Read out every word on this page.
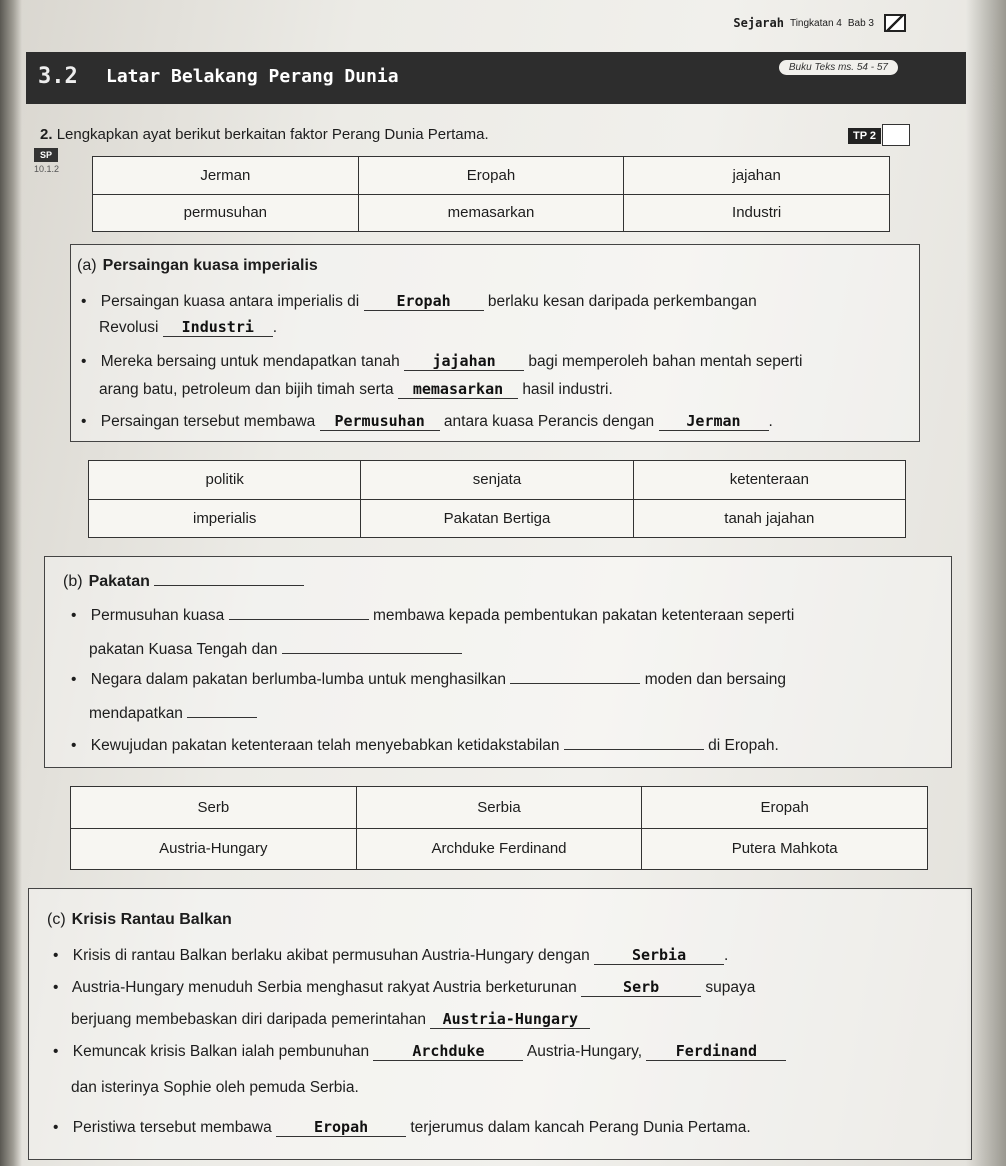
Sejarah Tingkatan 4 Bab 3
3.2 Latar Belakang Perang Dunia	Buku Teks ms. 54 - 57
2. Lengkapkan ayat berikut berkaitan faktor Perang Dunia Pertama.	TP 2
SP
10.1.2	Jerman	Eropah	jajahan
permusuhan	memasarkan	Industri
(a) Persaingan kuasa imperialis
• Persaingan kuasa antara imperialis di Eropah berlaku kesan daripada perkembangan
Revolusi Industri .
• Mereka bersaing untuk mendapatkan tanah jajahan bagi memperoleh bahan mentah seperti
arang batu, petroleum dan bijih timah serta memasarkan hasil industri.
• Persaingan tersebut membawa Permusuhan antara kuasa Perancis dengan Jerman .
politik	senjata	ketenteraan
imperialis	Pakatan Bertiga	tanah jajahan
(b) Pakatan
• Permusuhan kuasa	membawa kepada pembentukan pakatan ketenteraan seperti
pakatan Kuasa Tengah dan
• Negara dalam pakatan berlumba-lumba untuk menghasilkan	moden dan bersaing
mendapatkan
• Kewujudan pakatan ketenteraan telah menyebabkan ketidakstabilan	di Eropah.
Serb	Serbia	Eropah
Austria-Hungary	Archduke Ferdinand	Putera Mahkota
(c) Krisis Rantau Balkan
• Krisis di rantau Balkan berlaku akibat permusuhan Austria-Hungary dengan	Serbia .
• Austria-Hungary menuduh Serbia menghasut rakyat Austria berketurunan	Serb	supaya
berjuang membebaskan diri daripada pemerintahan Austria-Hungary
• Kemuncak krisis Balkan ialah pembunuhan	Archduke	Austria-Hungary, Ferdinand
dan isterinya Sophie oleh pemuda Serbia.
• Peristiwa tersebut membawa	Eropah	terjerumus dalam kancah Perang Dunia Pertama.
